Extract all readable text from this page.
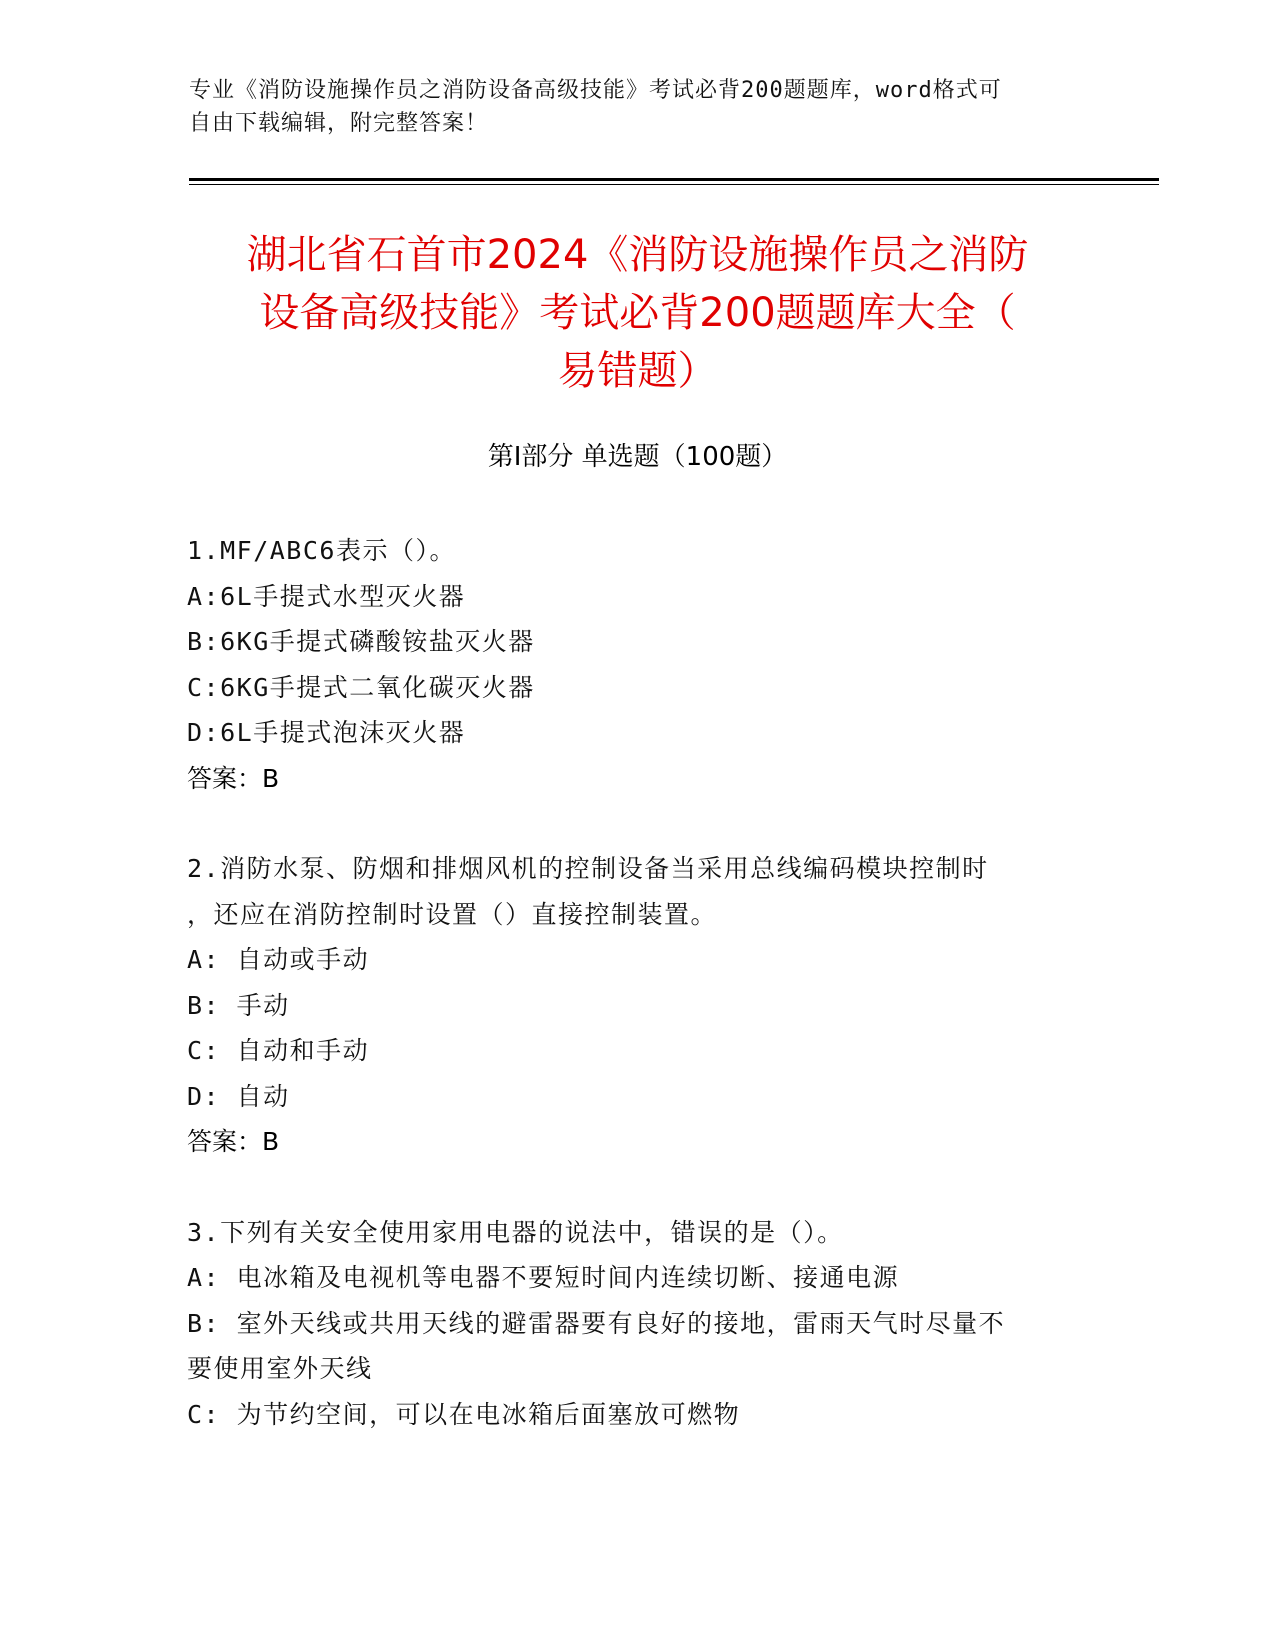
专业《消防设施操作员之消防设备高级技能》考试必背200题题库，word格式可
自由下载编辑，附完整答案！
湖北省石首市2024《消防设施操作员之消防
设备高级技能》考试必背200题题库大全（
易错题）
第I部分 单选题（100题）
1.MF/ABC6表示（）。
A:6L手提式水型灭火器
B:6KG手提式磷酸铵盐灭火器
C:6KG手提式二氧化碳灭火器
D:6L手提式泡沫灭火器
答案：B
2.消防水泵、防烟和排烟风机的控制设备当采用总线编码模块控制时
，还应在消防控制时设置（）直接控制装置。
A: 自动或手动
B: 手动
C: 自动和手动
D: 自动
答案：B
3.下列有关安全使用家用电器的说法中，错误的是（）。
A: 电冰箱及电视机等电器不要短时间内连续切断、接通电源
B: 室外天线或共用天线的避雷器要有良好的接地，雷雨天气时尽量不
要使用室外天线
C: 为节约空间，可以在电冰箱后面塞放可燃物
